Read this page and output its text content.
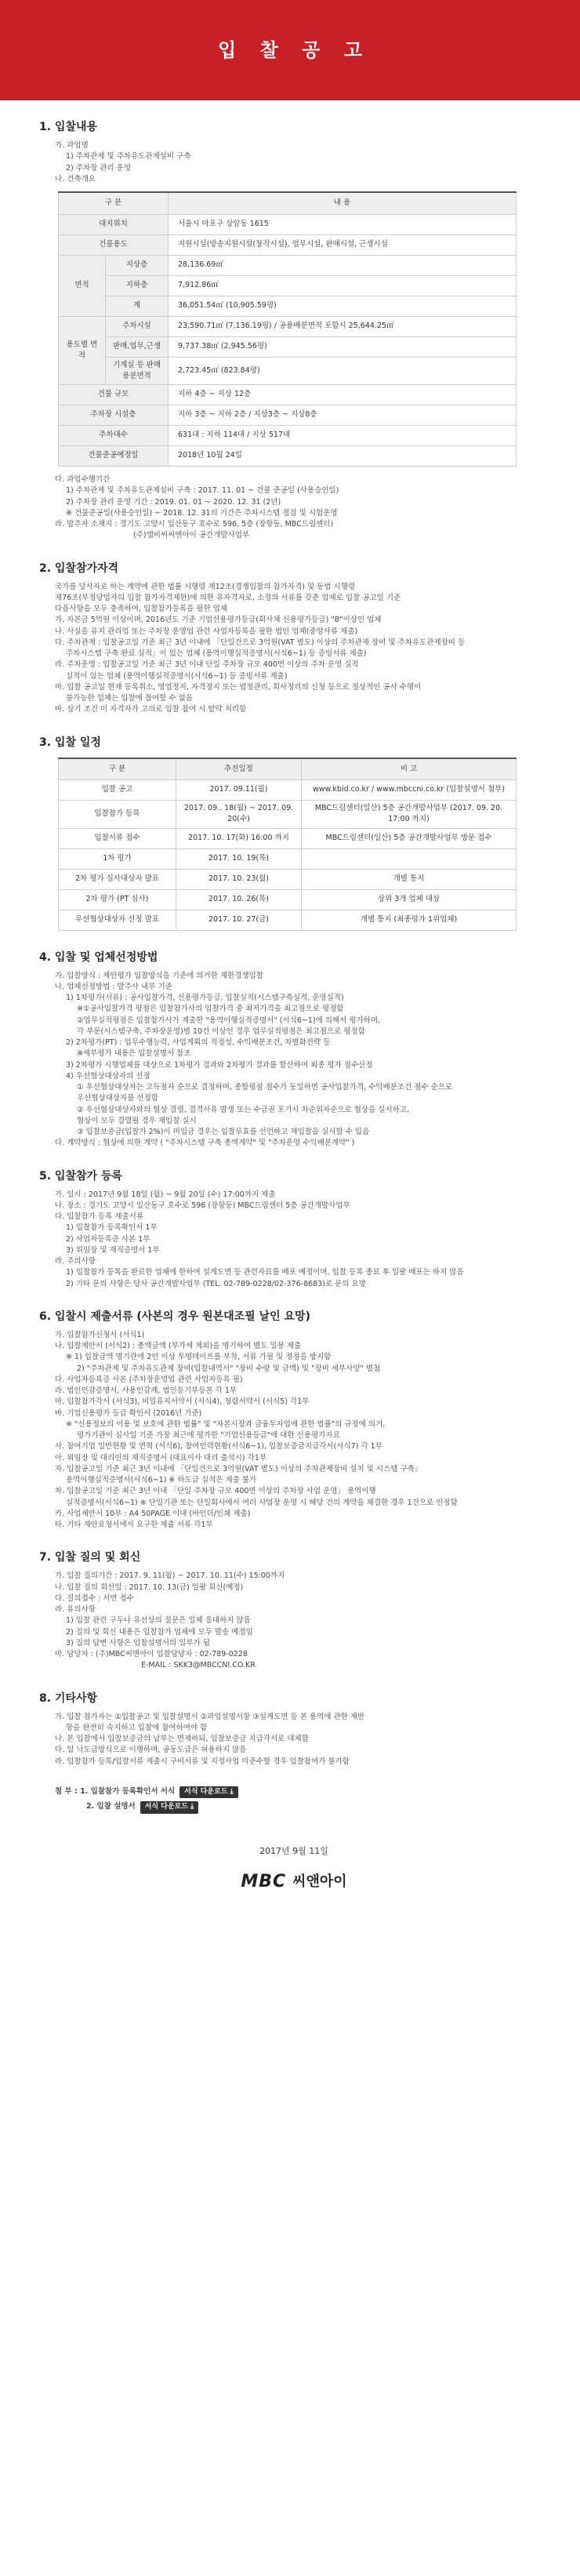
입 찰 공 고
1. 입찰내용
가. 과업명
1) 주차관제 및 주차유도관제설비 구축
2) 주차장 관리 운영
나. 건축개요
구 분		내 용
대지위치		서울시 마포구 상암동 1615
건물용도		지원시설(방송지원시설(창작시설), 업무시설, 판매시설, 근생시설
면적	지상층	28,136.69㎡
	지하층	7,912.86㎡
	계	36,051.54㎡ (10,905.59평)
용도별 면적	주차시설	23,590.71㎡ (7,136.19평) / 공용배분면적 포함시 25,644.25㎡
	판매,업무,근생	9,737.38㎡ (2,945.56평)
	기계실 등 판매용분면적	2,723.45㎡ (823.84평)
건물 규모		지하 4층 ~ 지상 12층
주차장 시설층		지하 3층 ~ 지하 2층 / 지상3층 ~ 지상8층
주차대수		631대 : 지하 114대 / 지상 517대
건물준공예정일		2018년 10월 24일
다. 과업수행기간
1) 주차관제 및 주차유도관제설비 구축 : 2017. 11. 01 ~ 건물 준공일 (사용승인일)
2) 주차장 관리 운영 기간 : 2019. 01. 01 ~ 2020. 12. 31 (2년)
※ 건물준공일(사용승인일) ~ 2018. 12. 31의 기간은 주차시스템 점검 및 시험운영
라. 발주자 소재지 : 경기도 고양시 일산동구 호수로 596, 5층 (장항동, MBC드림센터)
(주)엠비씨씨앤아이 공간개발사업부
2. 입찰참가자격
국가를 당사자로 하는 계약에 관한 법률 시행령 제12조(경쟁입찰의 참가자격) 및 동법 시행령
제76조(부정당업자의 입찰 참가자격제한)에 의한 유자격자로, 소정의 서류를 갖춘 업체로 입찰 공고일 기준
다음사항을 모두 충족하여, 입찰참가등록을 필한 업체
가. 자본금 5억원 이상이며, 2016년도 기준 기업신용평가등급(회사채 신용평가등급) "B"이상인 업체
나. 사실을 유지 관리업 또는 주차장 운영업 관련 사업자등록을 필한 법인 업체(중앙사류 제출)
다. 주차관제 : 입찰공고일 기준 최근 3년 이내에 「단일건으로 3억원(VAT 별도) 이상의 주차관제 장비 및 주차유도관제장비 등
주차시스템 구축 완료 실적」이 있는 업체 (용역이행실적증명서(서식6~1) 등 증빙서류 제출)
라. 주차운영 : 입찰공고일 기준 최근 3년 이내 단일 주차장 규모 400면 이상의 주차 운영 실적
실적이 있는 업체 (용역이행실적증명서(서식6~1) 등 증빙서류 제출)
마. 입찰 공고일 현재 등록취소, 영업정지, 자격정지 또는 법정관리, 회사정리의 신청 등으로 정상적인 공사 수행이
불가능한 업체는 입찰에 참여할 수 없음
바. 상기 조건 미 자격자가 고의로 입찰 참여 시 탈락 처리함
3. 입찰 일정
구 분	추진일정	비 고
입찰 공고	2017. 09.11(월)	www.kbid.co.kr / www.mbccni.co.kr (입찰설명서 첨부)
입찰참가 등록	2017. 09.. 18(월) ~ 2017. 09. 20(수)	MBC드림센터(일산) 5층 공간개발사업부 (2017. 09. 20. 17:00 까지)
입찰서류 접수	2017. 10. 17(화) 16:00 까지	MBC드림센터(일산) 5층 공간개발사업부 방문 접수
1차 평가	2017. 10. 19(목)	
2차 평가 심사대상자 발표	2017. 10. 23(월)	개별 통지
2차 평가 (PT 심사)	2017. 10. 26(목)	상위 3개 업체 대상
우선협상대상자 선정 발표	2017. 10. 27(금)	개별 통지 (최종평가 1위업체)
4. 입찰 및 업체선정방법
가. 입찰방식 : 제안평가 입찰방식을 기준에 의거한 제한경쟁입찰
나. 업체선정방법 : 발주사 내부 기준
1) 1차평가(서류) : 공사입찰가격, 신용평가등급, 입찰실적(시스템구축실적, 운영실적)
※①공사입찰가격 평점은 입찰참가사의 입찰가격 중 최저가격을 최고점으로 평정함
②업무실적평점은 입찰참가사가 제출한 "용역이행실적증명서" (서식6~1)에 의해서 평가하며,
각 부문(시스템구축, 주차장운영)별 10건 이상인 경우 업무실적평점은 최고점으로 평정함
2) 2차평가(PT) : 업무수행능력, 사업계획의 적정성, 수익배분조건, 차별화전략 등
※세부평가 내용은 입찰설명서 참조
3) 2차평가 시행업체를 대상으로 1차평가 결과와 2차평가 결과를 합산하여 최종 평가 점수산정
4) 우선협상대상자의 선정
① 우선협상대상자는 고득점자 순으로 결정하며, 종합평점 점수가 동일하면 공사입찰가격, 수익배분조건 점수 순으로
우선협상대상자를 선정함
② 우선협상대상자와의 협상 결렬, 결격사유 발생 또는 수급권 포기시 차순위자순으로 협상을 실시하고,
협상이 모두 결렬될 경우 재입찰 실시
③ 입찰보증금(입찰가 2%)이 미입금 경우는 입찰무효를 선언하고 재입찰을 실시할 수 있음
다. 계약방식 : 협상에 의한 계약 ( "주차시스템 구축 총액계약" 및 "주차운영 수익배분계약" )
5. 입찰참가 등록
가. 일시 : 2017년 9월 18일 (월) ~ 9월 20일 (수) 17:00까지 제출
나. 장소 : 경기도 고양시 일산동구 호수로 596 (장항동) MBC드림센터 5층 공간개발사업부
다. 입찰참가 등록 제출서류
1) 입찰참가 등록확인서 1부
2) 사업자등록증 사본 1부
3) 위임장 및 재직증명서 1부
라. 주의사항
1) 입찰참가 등록을 완료한 업체에 한하여 설계도면 등 관련자료를 배포 예정이며, 입찰 등록 종료 후 일괄 배포는 하지 않음
2) 기타 문의 사항은 당사 공간개발사업부 (TEL. 02-789-0228/02-376-8683)로 문의 요망
6. 입찰시 제출서류 (사본의 경우 원본대조필 날인 요망)
가. 입찰참가신청서 (서식1)
나. 입찰제안서 (서식2) : 총액금액 (부가세 제외)을 명기하여 별도 밀봉 제출
※ 1) 입찰금액 명기란에 2인 이상 투명테이프를 부착, 서류 가필 및 정정을 방지함
2) "주차관제 및 주차유도관제 장비(입찰내역서" "장비 수량 및 금액) 및 "장비 세부사양" 별첨
다. 사업자등록증 사본 (주차장운영업 관련 사업자등록 필)
라. 법인인감증명서, 사용인감계, 법인등기부등본 각 1부
마. 입찰참가각서 (서식3), 비밀유지서약서 (서식4), 청렴서약서 (서식5) 각1부
바. 기업신용평가 등급 확인서 (2016년 기준)
※ "신용정보의 이용 및 보호에 관한 법률" 및 "자본시장과 금융투자업에 관한 법률"의 규정에 의거,
평가기관이 심사일 기준 가장 최근에 평가한 "기업신용등급"에 대한 신용평가자료
사. 참여기업 일반현황 및 연혁 (서식6), 참여인력현황(서식6~1), 입찰보증금지급각서(서식7) 각 1부
아. 위임장 및 대리인의 재직증명서 (대표이사 대리 출석시) 각1부
자. 입찰공고일 기준 최근 3년 이내에 「단일건으로 3억원(VAT 별도) 이상의 주차관제장비 설치 및 시스템 구축」
용역이행실적증명서(서식6~1) ※ 하도급 실적은 제출 불가
차. 입찰공고일 기준 최근 3년 이내 「단일 주차장 규모 400면 이상의 주차장 사업 운영」 용역이행
실적증명서(서식6~1) ※ 단일기관 또는 단일회사에서 여러 사업장 운영 시 해당 건의 계약을 체결한 경우 1건으로 인정함
카. 사업제안서 10부 : A4 50PAGE 이내 (바인더/인쇄 제출)
타. 기타 제안요청서에서 요구한 제출 서류 각1부
7. 입찰 질의 및 회신
가. 입찰 질의기간 : 2017. 9. 11(월) ~ 2017. 10. 11(수) 15:00까지
나. 입찰 질의 회신일 : 2017. 10. 13(금) 일괄 회신(예정)
다. 질의접수 : 서면 접수
라. 유의사항
1) 입찰 관련 구두나 유선상의 질문은 일체 응대하지 않음
2) 질의 및 회신 내용은 입찰참가 업체에 모두 발송 예정임
3) 질의 답변 사항은 입찰설명서의 일부가 됨
마. 담당자 : (주)MBC씨앤아이 입찰담당자 : 02-789-0228
E-MAIL : SKK3@MBCCNI.CO.KR
8. 기타사항
가. 입찰 참가자는 ①입찰공고 및 입찰설명서 ②과업설명서항 ③설계도면 등 본 용역에 관한 제반
항을 완전히 숙지하고 입찰에 참여하여야 함
나. 본 입찰에서 입찰보증금의 납부는 면제하되, 입찰보증금 지급각서로 대체함
다. 일 낙도급방식으로 이행하며, 공동도급은 허용하지 않음
라. 입찰참가 등록/입찰서류 제출시 구비서류 및 지정사업 미준수할 경우 입찰참여가 불가함
첨 부 : 1. 입찰참가 등록확인서 서식 서식 다운로드 ⤓
2. 입찰 설명서 서식 다운로드 ⤓
2017년 9월 11일
MBC 씨앤아이
